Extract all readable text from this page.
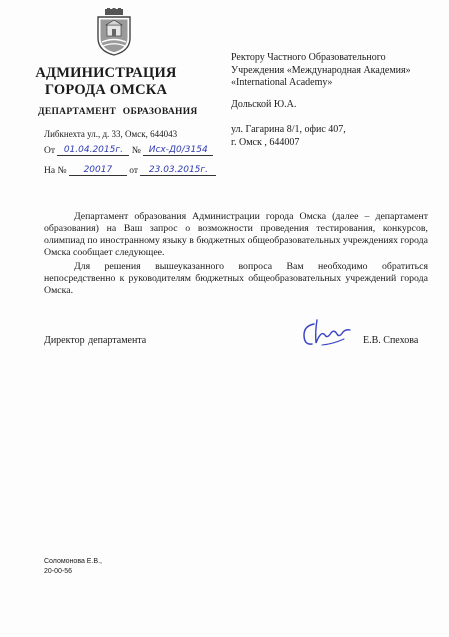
АДМИНИСТРАЦИЯ
ГОРОДА ОМСКА
ДЕПАРТАМЕНТ ОБРАЗОВАНИЯ
Либкнехта ул., д. 33, Омск, 644043
От 01.04.2015г. № Исх-Д0/3154
На № 20017 от 23.03.2015г.
Ректору Частного Образовательного
Учреждения «Международная Академия»
«International Academy»
Дольской Ю.А.
ул. Гагарина 8/1, офис 407,
г. Омск , 644007
Департамент образования Администрации города Омска (далее – департамент образования) на Ваш запрос о возможности проведения тестирования, конкурсов, олимпиад по иностранному языку в бюджетных общеобразовательных учреждениях города Омска сообщает следующее.
Для решения вышеуказанного вопроса Вам необходимо обратиться непосредственно к руководителям бюджетных общеобразовательных учреждений города Омска.
Директор департамента	Е.В. Спехова
Соломонова Е.В.,
20-00-56
